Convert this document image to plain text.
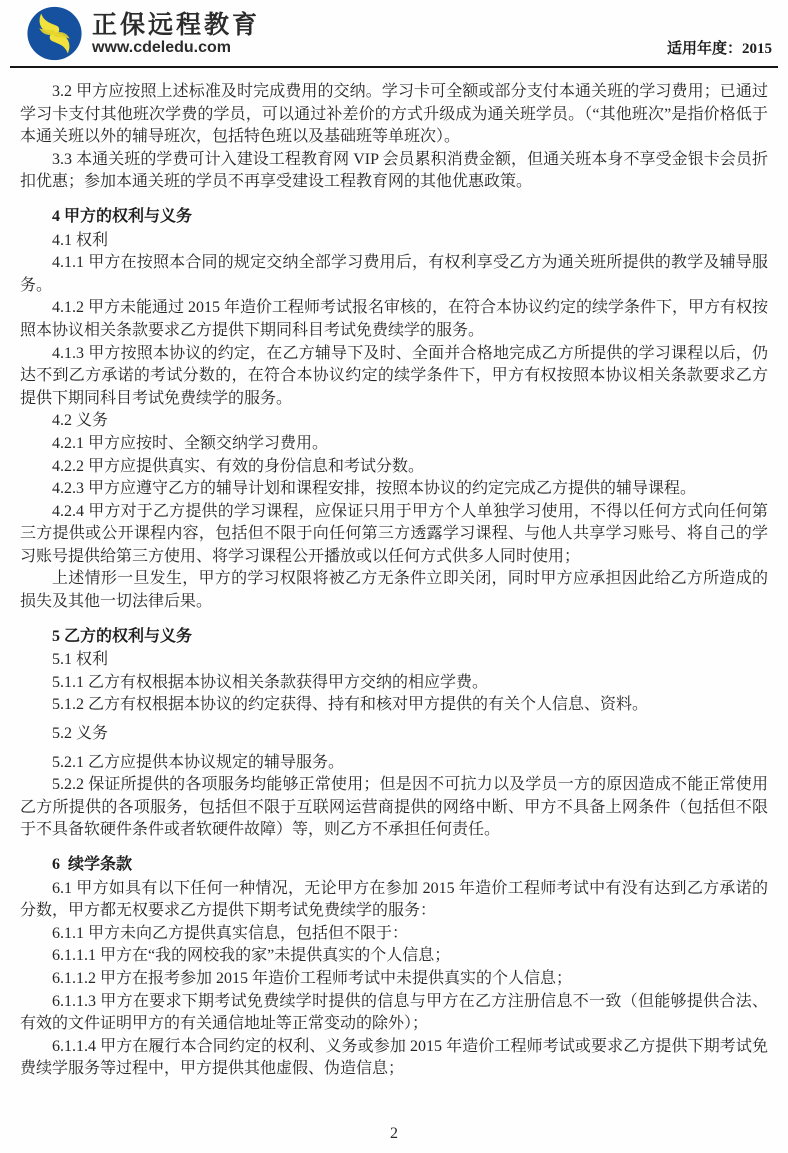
正保远程教育
www.cdeledu.com	适用年度：2015

3.2 甲方应按照上述标准及时完成费用的交纳。学习卡可全额或部分支付本通关班的学习费用；已通过学习卡支付其他班次学费的学员，可以通过补差价的方式升级成为通关班学员。（“其他班次”是指价格低于本通关班以外的辅导班次，包括特色班以及基础班等单班次）。

3.3 本通关班的学费可计入建设工程教育网 VIP 会员累积消费金额，但通关班本身不享受金银卡会员折扣优惠；参加本通关班的学员不再享受建设工程教育网的其他优惠政策。

4 甲方的权利与义务

4.1 权利

4.1.1 甲方在按照本合同的规定交纳全部学习费用后，有权利享受乙方为通关班所提供的教学及辅导服务。

4.1.2 甲方未能通过 2015 年造价工程师考试报名审核的，在符合本协议约定的续学条件下，甲方有权按照本协议相关条款要求乙方提供下期同科目考试免费续学的服务。

4.1.3 甲方按照本协议的约定，在乙方辅导下及时、全面并合格地完成乙方所提供的学习课程以后，仍达不到乙方承诺的考试分数的，在符合本协议约定的续学条件下，甲方有权按照本协议相关条款要求乙方提供下期同科目考试免费续学的服务。

4.2 义务

4.2.1 甲方应按时、全额交纳学习费用。

4.2.2 甲方应提供真实、有效的身份信息和考试分数。

4.2.3 甲方应遵守乙方的辅导计划和课程安排，按照本协议的约定完成乙方提供的辅导课程。

4.2.4 甲方对于乙方提供的学习课程，应保证只用于甲方个人单独学习使用，不得以任何方式向任何第三方提供或公开课程内容，包括但不限于向任何第三方透露学习课程、与他人共享学习账号、将自己的学习账号提供给第三方使用、将学习课程公开播放或以任何方式供多人同时使用；

上述情形一旦发生，甲方的学习权限将被乙方无条件立即关闭，同时甲方应承担因此给乙方所造成的损失及其他一切法律后果。

5 乙方的权利与义务

5.1 权利

5.1.1 乙方有权根据本协议相关条款获得甲方交纳的相应学费。

5.1.2 乙方有权根据本协议的约定获得、持有和核对甲方提供的有关个人信息、资料。

5.2 义务

5.2.1 乙方应提供本协议规定的辅导服务。

5.2.2 保证所提供的各项服务均能够正常使用；但是因不可抗力以及学员一方的原因造成不能正常使用乙方所提供的各项服务，包括但不限于互联网运营商提供的网络中断、甲方不具备上网条件（包括但不限于不具备软硬件条件或者软硬件故障）等，则乙方不承担任何责任。

6  续学条款

6.1 甲方如具有以下任何一种情况，无论甲方在参加 2015 年造价工程师考试中有没有达到乙方承诺的分数，甲方都无权要求乙方提供下期考试免费续学的服务：

6.1.1 甲方未向乙方提供真实信息，包括但不限于：

6.1.1.1 甲方在“我的网校我的家”未提供真实的个人信息；

6.1.1.2 甲方在报考参加 2015 年造价工程师考试中未提供真实的个人信息；

6.1.1.3 甲方在要求下期考试免费续学时提供的信息与甲方在乙方注册信息不一致（但能够提供合法、有效的文件证明甲方的有关通信地址等正常变动的除外）；

6.1.1.4 甲方在履行本合同约定的权利、义务或参加 2015 年造价工程师考试或要求乙方提供下期考试免费续学服务等过程中，甲方提供其他虚假、伪造信息；

2
